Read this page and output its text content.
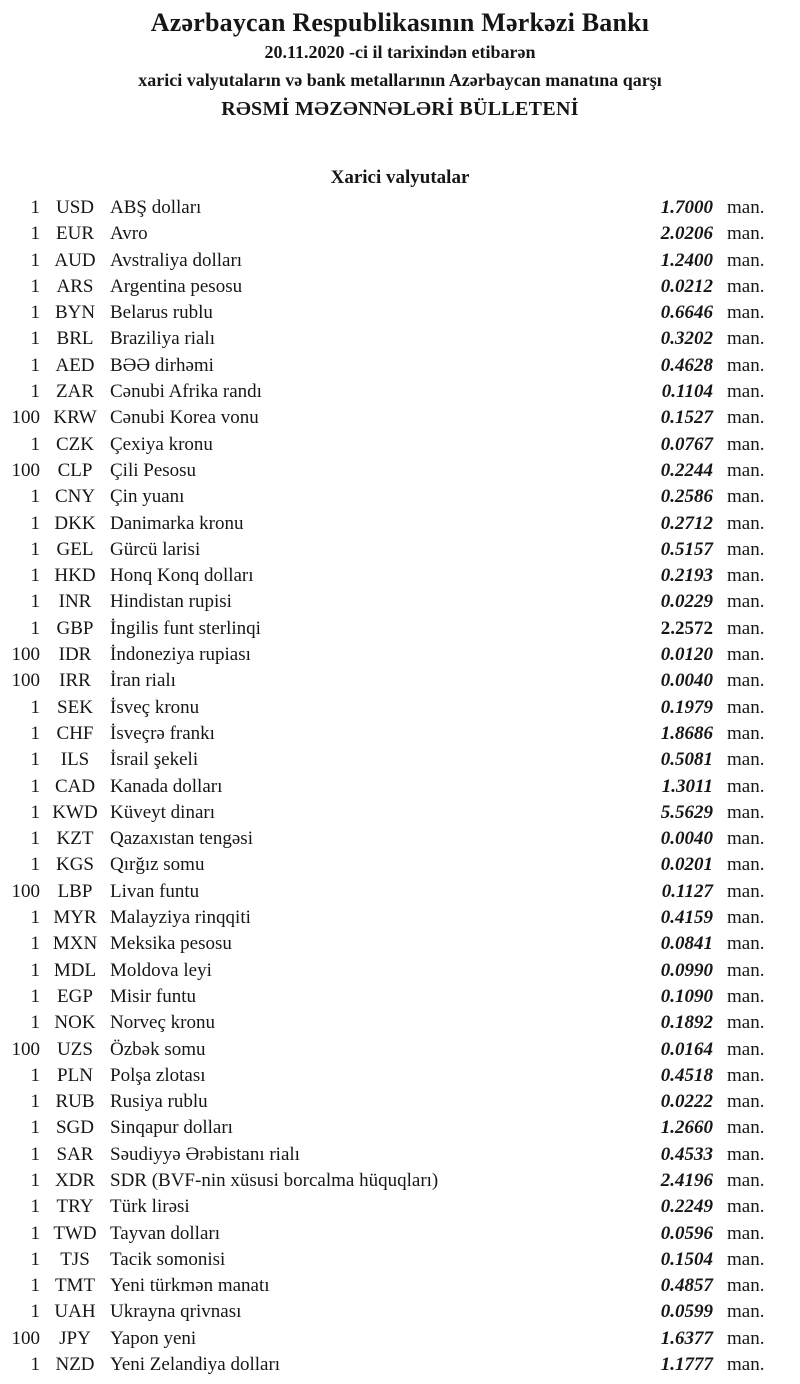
Azərbaycan Respublikasının Mərkəzi Bankı
20.11.2020 -ci il tarixindən etibarən
xarici valyutaların və bank metallarının Azərbaycan manatına qarşı
RƏSMİ MƏZƏNNƏLƏRİ BÜLLETENİ
Xarici valyutalar
1 USD ABŞ dolları	1.7000 man.
1 EUR Avro	2.0206 man.
1 AUD Avstraliya dolları	1.2400 man.
1 ARS Argentina pesosu	0.0212 man.
1 BYN Belarus rublu	0.6646 man.
1 BRL Braziliya rialı	0.3202 man.
1 AED BƏƏ dirhəmi	0.4628 man.
1 ZAR Cənubi Afrika randı	0.1104 man.
100 KRW Cənubi Korea vonu	0.1527 man.
1 CZK Çexiya kronu	0.0767 man.
100 CLP Çili Pesosu	0.2244 man.
1 CNY Çin yuanı	0.2586 man.
1 DKK Danimarka kronu	0.2712 man.
1 GEL Gürcü larisi	0.5157 man.
1 HKD Honq Konq dolları	0.2193 man.
1 INR Hindistan rupisi	0.0229 man.
1 GBP İngilis funt sterlinqi	2.2572 man.
100 IDR İndoneziya rupiası	0.0120 man.
100	IRR	İran rialı	0.0040 man.
1 SEK İsveç kronu	0.1979 man.
1 CHF İsveçrə frankı	1.8686 man.
1	ILS	İsrail şekeli	0.5081 man.
1 CAD Kanada dolları	1.3011 man.
1 KWD Küveyt dinarı	5.5629 man.
1 KZT Qazaxıstan tengəsi	0.0040 man.
1 KGS Qırğız somu	0.0201 man.
100 LBP Livan funtu	0.1127 man.
1 MYR Malayziya rinqqiti	0.4159 man.
1 MXN Meksika pesosu	0.0841 man.
1 MDL Moldova leyi	0.0990 man.
1 EGP Misir funtu	0.1090 man.
1 NOK Norveç kronu	0.1892 man.
100 UZS Özbək somu	0.0164 man.
1 PLN Polşa zlotası	0.4518 man.
1 RUB Rusiya rublu	0.0222 man.
1 SGD Sinqapur dolları	1.2660 man.
1 SAR Səudiyyə Ərəbistanı rialı	0.4533 man.
1 XDR SDR (BVF-nin xüsusi borcalma hüquqları)	2.4196 man.
1 TRY Türk lirəsi	0.2249 man.
1 TWD Tayvan dolları	0.0596 man.
1	TJS	Tacik somonisi	0.1504 man.
1 TMT Yeni türkmən manatı	0.4857 man.
1 UAH Ukrayna qrivnası	0.0599 man.
100	JPY	Yapon yeni	1.6377 man.
1 NZD Yeni Zelandiya dolları	1.1777 man.
